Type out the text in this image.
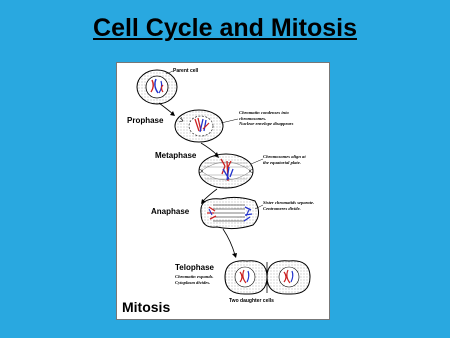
Cell Cycle and Mitosis
Parent cell
Prophase
Chromatin condenses into
chromosomes.
Nuclear envelope disappears
Metaphase	Chromosomes align at
the equatorial plate.
Anaphase
Sister chromatids separate.
Centromeres divide.
Telophase
Chromatin expands.
Cytoplasm divides.
Two daughter cells
Mitosis
